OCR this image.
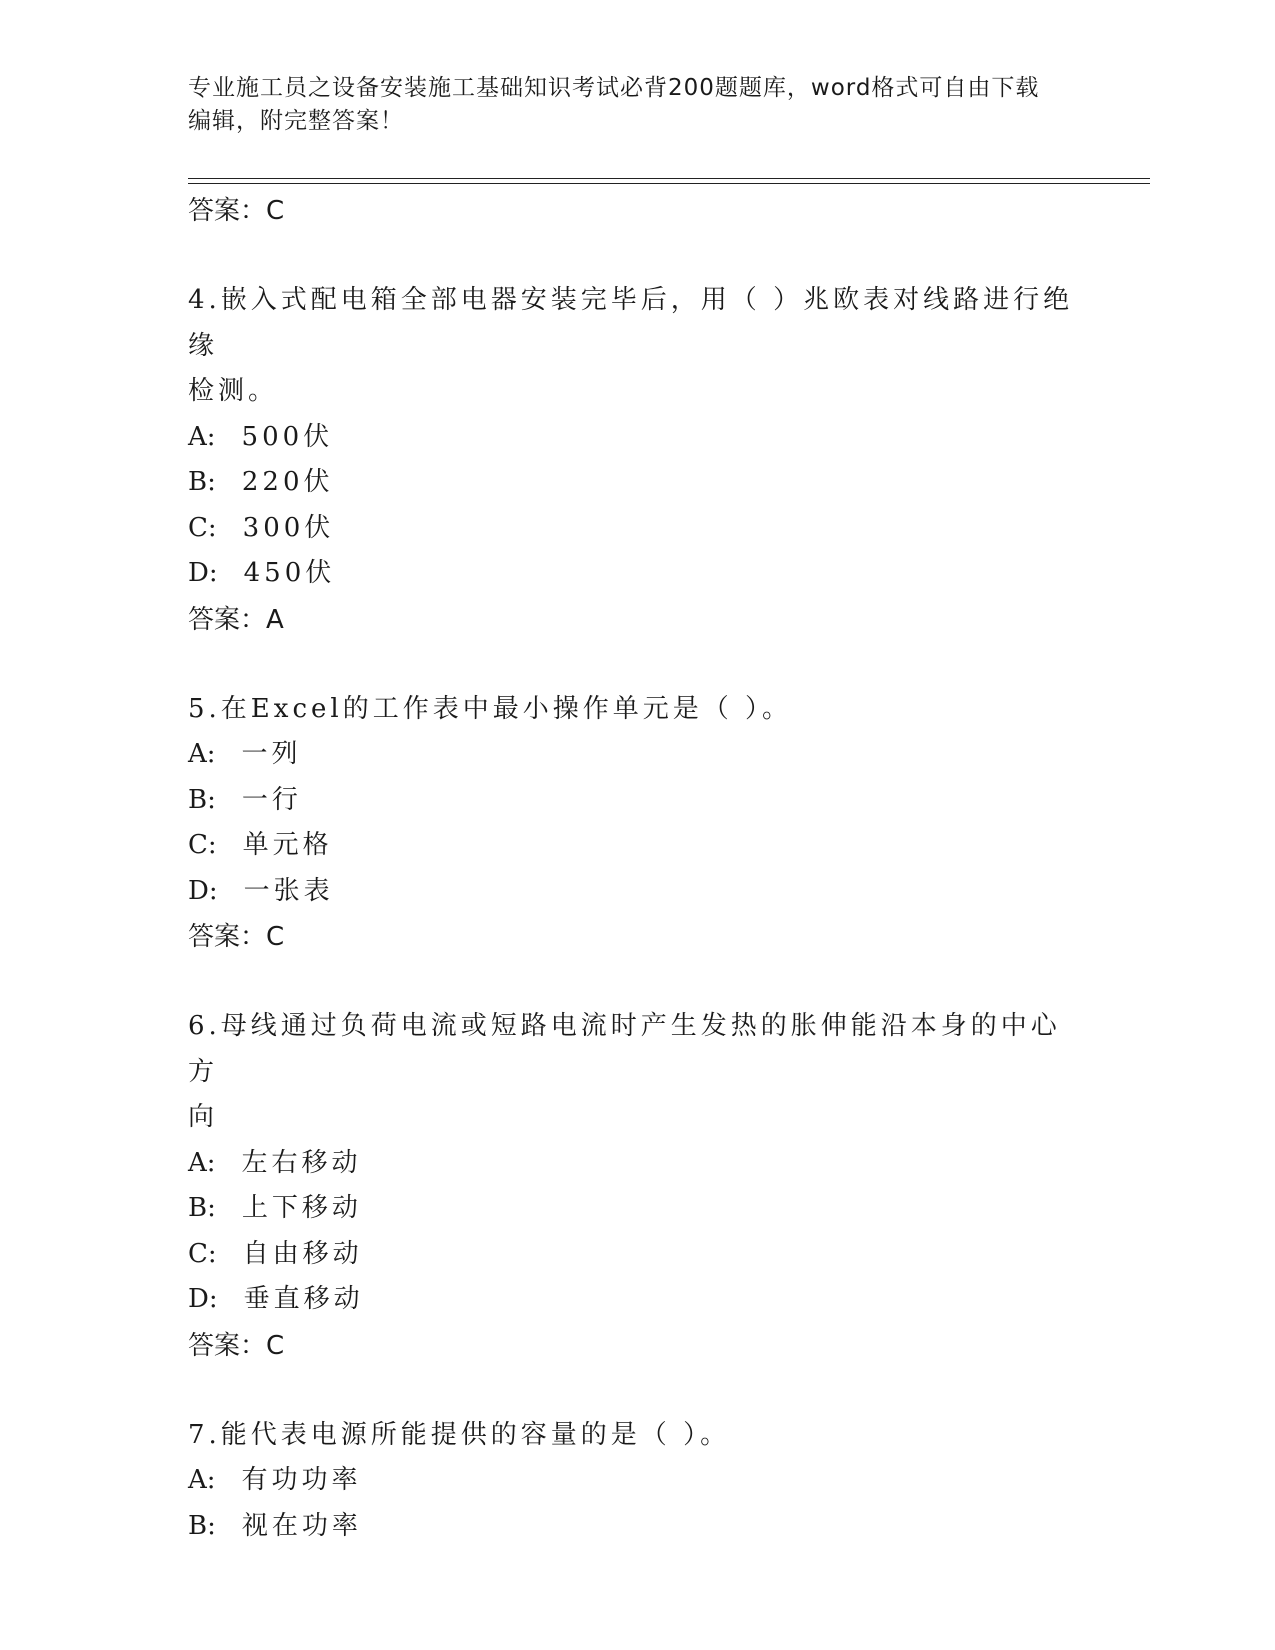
专业施工员之设备安装施工基础知识考试必背200题题库，word格式可自由下载
编辑，附完整答案！
答案：C
4.嵌入式配电箱全部电器安装完毕后，用（ ）兆欧表对线路进行绝缘
检测。
A: 500伏
B: 220伏
C: 300伏
D: 450伏
答案：A
5.在Excel的工作表中最小操作单元是（ ）。
A: 一列
B: 一行
C: 单元格
D: 一张表
答案：C
6.母线通过负荷电流或短路电流时产生发热的胀伸能沿本身的中心方
向
A: 左右移动
B: 上下移动
C: 自由移动
D: 垂直移动
答案：C
7.能代表电源所能提供的容量的是（ ）。
A: 有功功率
B: 视在功率
